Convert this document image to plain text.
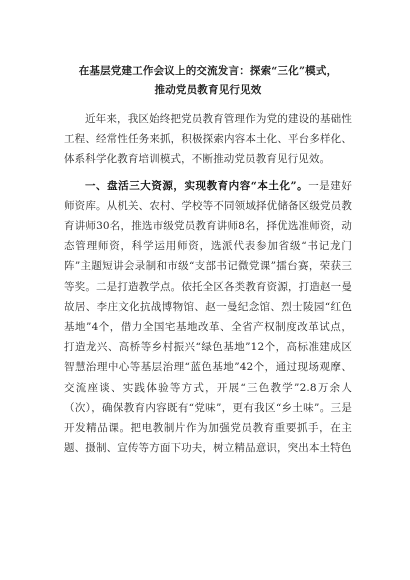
在基层党建工作会议上的交流发言：探索“三化”模式，
推动党员教育见行见效

近年来，我区始终把党员教育管理作为党的建设的基础性工程、经常性任务来抓，积极探索内容本土化、平台多样化、体系科学化教育培训模式，不断推动党员教育见行见效。

一、盘活三大资源，实现教育内容“本土化”。一是建好师资库。从机关、农村、学校等不同领域择优储备区级党员教育讲师30名，推选市级党员教育讲师8名，择优选准师资，动态管理师资，科学运用师资，选派代表参加省级“书记龙门阵”主题短讲会录制和市级“支部书记微党课”擂台赛，荣获三等奖。二是打造教学点。依托全区各类教育资源，打造赵一曼故居、李庄文化抗战博物馆、赵一曼纪念馆、烈士陵园“红色基地”4个，借力全国宅基地改革、全省产权制度改革试点，打造龙兴、高桥等乡村振兴“绿色基地”12个，高标准建成区智慧治理中心等基层治理“蓝色基地”42个，通过现场观摩、交流座谈、实践体验等方式，开展“三色教学”2.8万余人（次），确保教育内容既有“党味”，更有我区“乡土味”。三是开发精品课。把电教制片作为加强党员教育重要抓手，在主题、摄制、宣传等方面下功夫，树立精品意识，突出本土特色
